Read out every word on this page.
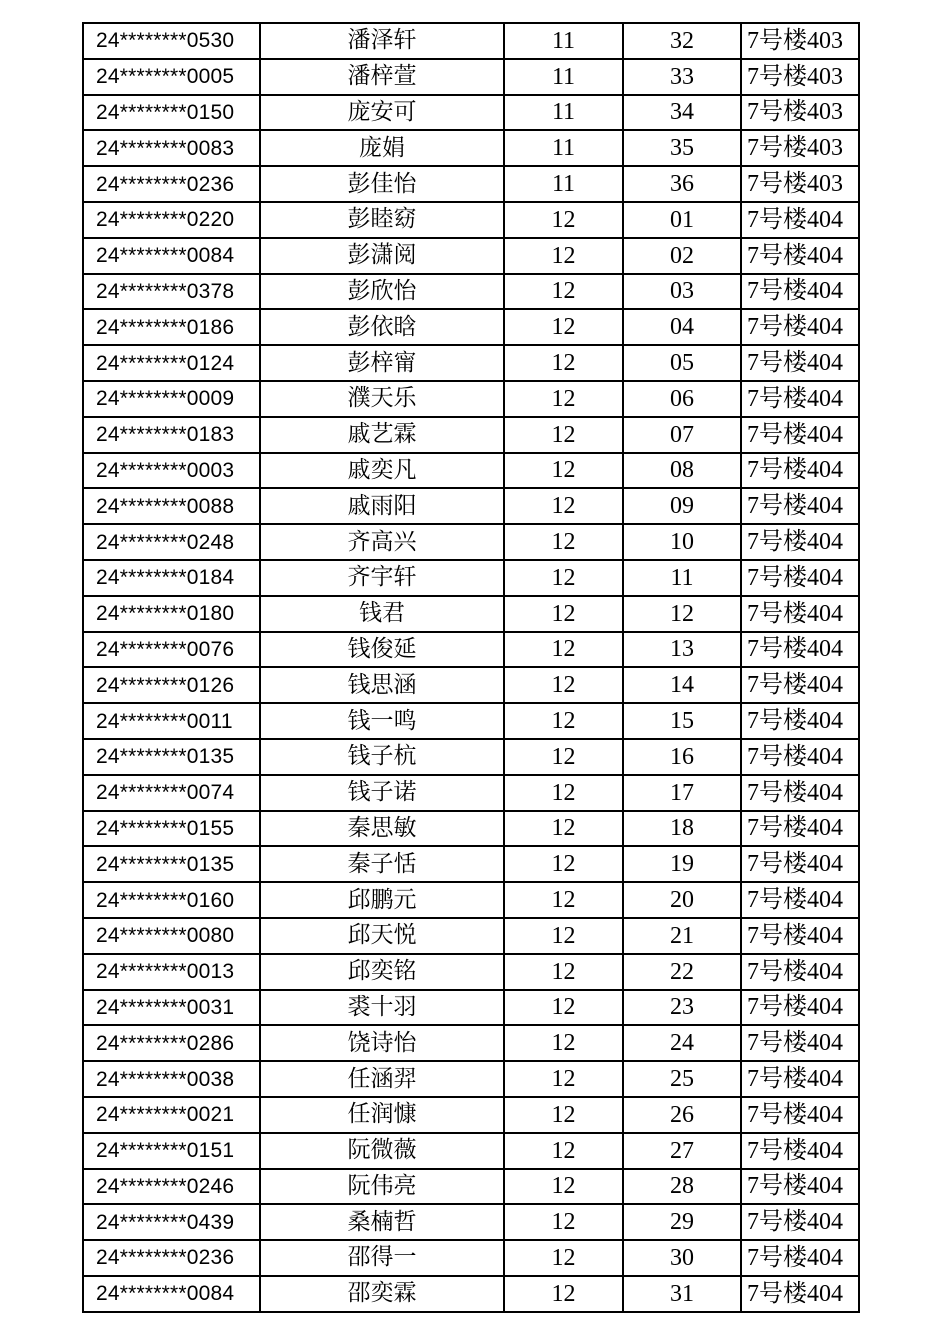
24********0530	潘泽轩	11	32	7号楼403
24********0005	潘梓萱	11	33	7号楼403
24********0150	庞安可	11	34	7号楼403
24********0083	庞娟	11	35	7号楼403
24********0236	彭佳怡	11	36	7号楼403
24********0220	彭睦窈	12	01	7号楼404
24********0084	彭潇阅	12	02	7号楼404
24********0378	彭欣怡	12	03	7号楼404
24********0186	彭依晗	12	04	7号楼404
24********0124	彭梓甯	12	05	7号楼404
24********0009	濮天乐	12	06	7号楼404
24********0183	戚艺霖	12	07	7号楼404
24********0003	戚奕凡	12	08	7号楼404
24********0088	戚雨阳	12	09	7号楼404
24********0248	齐高兴	12	10	7号楼404
24********0184	齐宇轩	12	11	7号楼404
24********0180	钱君	12	12	7号楼404
24********0076	钱俊延	12	13	7号楼404
24********0126	钱思涵	12	14	7号楼404
24********0011	钱一鸣	12	15	7号楼404
24********0135	钱子杭	12	16	7号楼404
24********0074	钱子诺	12	17	7号楼404
24********0155	秦思敏	12	18	7号楼404
24********0135	秦子恬	12	19	7号楼404
24********0160	邱鹏元	12	20	7号楼404
24********0080	邱天悦	12	21	7号楼404
24********0013	邱奕铭	12	22	7号楼404
24********0031	裘十羽	12	23	7号楼404
24********0286	饶诗怡	12	24	7号楼404
24********0038	任涵羿	12	25	7号楼404
24********0021	任润慷	12	26	7号楼404
24********0151	阮微薇	12	27	7号楼404
24********0246	阮伟亮	12	28	7号楼404
24********0439	桑楠哲	12	29	7号楼404
24********0236	邵得一	12	30	7号楼404
24********0084	邵奕霖	12	31	7号楼404
